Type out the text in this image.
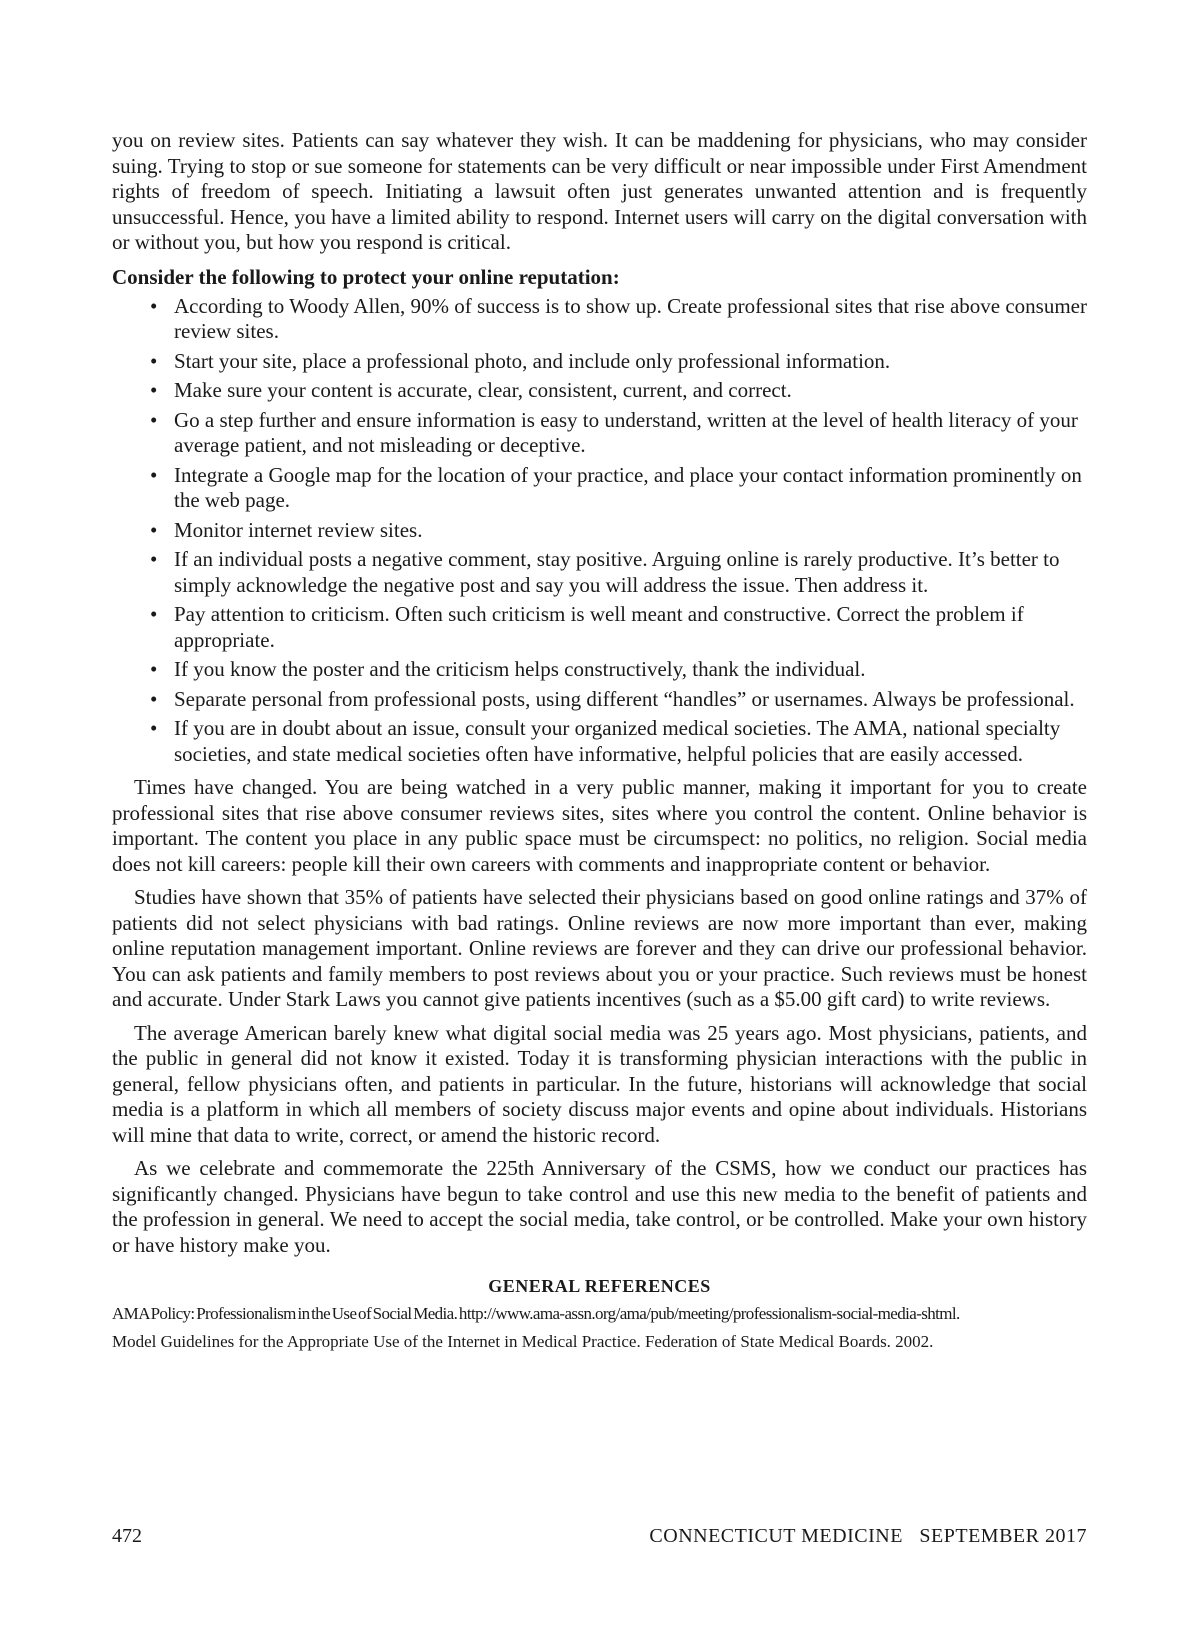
you on review sites. Patients can say whatever they wish. It can be maddening for physicians, who may consider suing. Trying to stop or sue someone for statements can be very difficult or near impossible under First Amendment rights of freedom of speech. Initiating a lawsuit often just generates unwanted attention and is frequently unsuccessful. Hence, you have a limited ability to respond. Internet users will carry on the digital conversation with or without you, but how you respond is critical.

Consider the following to protect your online reputation:
• According to Woody Allen, 90% of success is to show up. Create professional sites that rise above consumer review sites.
• Start your site, place a professional photo, and include only professional information.
• Make sure your content is accurate, clear, consistent, current, and correct.
• Go a step further and ensure information is easy to understand, written at the level of health literacy of your average patient, and not misleading or deceptive.
• Integrate a Google map for the location of your practice, and place your contact information prominently on the web page.
• Monitor internet review sites.
• If an individual posts a negative comment, stay positive. Arguing online is rarely productive. It’s better to simply acknowledge the negative post and say you will address the issue. Then address it.
• Pay attention to criticism. Often such criticism is well meant and constructive. Correct the problem if appropriate.
• If you know the poster and the criticism helps constructively, thank the individual.
• Separate personal from professional posts, using different “handles” or usernames. Always be professional.
• If you are in doubt about an issue, consult your organized medical societies. The AMA, national specialty societies, and state medical societies often have informative, helpful policies that are easily accessed.

Times have changed. You are being watched in a very public manner, making it important for you to create professional sites that rise above consumer reviews sites, sites where you control the content. Online behavior is important. The content you place in any public space must be circumspect: no politics, no religion. Social media does not kill careers: people kill their own careers with comments and inappropriate content or behavior.

Studies have shown that 35% of patients have selected their physicians based on good online ratings and 37% of patients did not select physicians with bad ratings. Online reviews are now more important than ever, making online reputation management important. Online reviews are forever and they can drive our professional behavior. You can ask patients and family members to post reviews about you or your practice. Such reviews must be honest and accurate. Under Stark Laws you cannot give patients incentives (such as a $5.00 gift card) to write reviews.

The average American barely knew what digital social media was 25 years ago. Most physicians, patients, and the public in general did not know it existed. Today it is transforming physician interactions with the public in general, fellow physicians often, and patients in particular. In the future, historians will acknowledge that social media is a platform in which all members of society discuss major events and opine about individuals. Historians will mine that data to write, correct, or amend the historic record.

As we celebrate and commemorate the 225th Anniversary of the CSMS, how we conduct our practices has significantly changed. Physicians have begun to take control and use this new media to the benefit of patients and the profession in general. We need to accept the social media, take control, or be controlled. Make your own history or have history make you.

GENERAL REFERENCES
AMA Policy: Professionalism in the Use of Social Media. http://www.ama-assn.org/ama/pub/meeting/professionalism-social-media-shtml.
Model Guidelines for the Appropriate Use of the Internet in Medical Practice. Federation of State Medical Boards. 2002.
472	CONNECTICUT MEDICINE   SEPTEMBER 2017
